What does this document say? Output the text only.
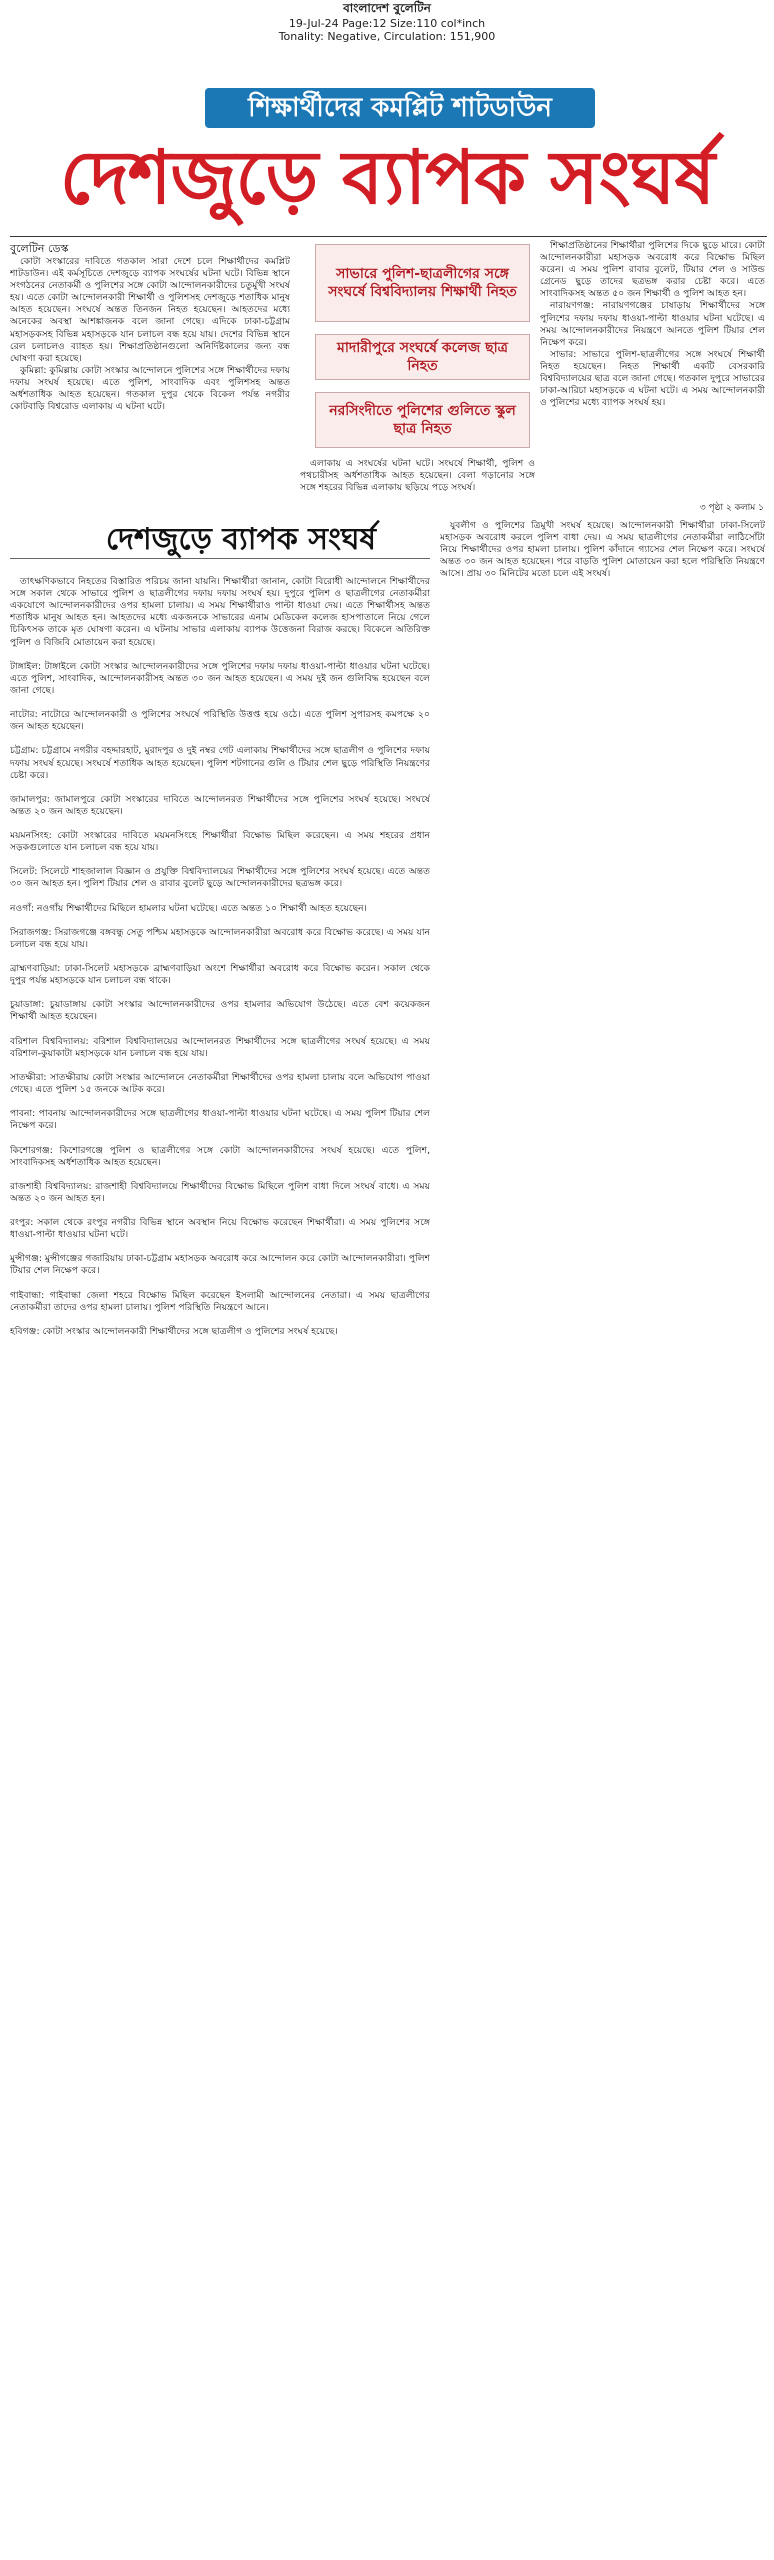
বাংলাদেশ বুলেটিন
19-Jul-24 Page:12 Size:110 col*inch
Tonality: Negative, Circulation: 151,900
শিক্ষার্থীদের কমপ্লিট শাটডাউন
দেশজুড়ে ব্যাপক সংঘর্ষ
বুলেটিন ডেস্ক

কোটা সংস্কারের দাবিতে গতকাল সারা দেশে চলে শিক্ষার্থীদের কমপ্লিট শাটডাউন। এই কর্মসূচিতে দেশজুড়ে ব্যাপক সংঘর্ষের ঘটনা ঘটে। বিভিন্ন স্থানে সংগঠনের নেতাকর্মী ও পুলিশের সঙ্গে কোটা আন্দোলনকারীদের চতুর্মুখী সংঘর্ষ হয়। এতে কোটা আন্দোলনকারী শিক্ষার্থী ও পুলিশসহ দেশজুড়ে শতাধিক মানুষ আহত হয়েছেন। সংঘর্ষে অন্তত তিনজন নিহত হয়েছেন। আহতদের মধ্যে অনেকের অবস্থা আশঙ্কাজনক বলে জানা গেছে। এদিকে ঢাকা-চট্টগ্রাম মহাসড়কসহ বিভিন্ন মহাসড়কে যান চলাচল বন্ধ হয়ে যায়। দেশের বিভিন্ন স্থানে রেল চলাচলও ব্যাহত হয়। শিক্ষাপ্রতিষ্ঠানগুলো অনির্দিষ্টকালের জন্য বন্ধ ঘোষণা করা হয়েছে।

কুমিল্লা: কুমিল্লায় কোটা সংস্কার আন্দোলনে পুলিশের সঙ্গে শিক্ষার্থীদের দফায় দফায় সংঘর্ষ হয়েছে। এতে পুলিশ, সাংবাদিক এবং পুলিশসহ অন্তত অর্ধশতাধিক আহত হয়েছেন। গতকাল দুপুর থেকে বিকেল পর্যন্ত নগরীর কোটবাড়ি বিশ্বরোড এলাকায় এ ঘটনা ঘটে।

সাভারে পুলিশ-ছাত্রলীগের সঙ্গে সংঘর্ষে বিশ্ববিদ্যালয় শিক্ষার্থী নিহত
মাদারীপুরে সংঘর্ষে কলেজ ছাত্র নিহত
নরসিংদীতে পুলিশের গুলিতে স্কুল ছাত্র নিহত

এলাকায় এ সংঘর্ষের ঘটনা ঘটে। সংঘর্ষে শিক্ষার্থী, পুলিশ ও পথচারীসহ অর্ধশতাধিক আহত হয়েছেন। বেলা গড়ানোর সঙ্গে সঙ্গে শহরের বিভিন্ন এলাকায় ছড়িয়ে পড়ে সংঘর্ষ।

শিক্ষাপ্রতিষ্ঠানের শিক্ষার্থীরা পুলিশের দিকে ছুড়ে মারে। কোটা আন্দোলনকারীরা মহাসড়ক অবরোধ করে বিক্ষোভ মিছিল করেন। এ সময় পুলিশ রাবার বুলেট, টিয়ার শেল ও সাউন্ড গ্রেনেড ছুড়ে তাদের ছত্রভঙ্গ করার চেষ্টা করে। এতে সাংবাদিকসহ অন্তত ৫০ জন শিক্ষার্থী ও পুলিশ আহত হন।

নারায়ণগঞ্জ: নারায়ণগঞ্জের চাষাড়ায় শিক্ষার্থীদের সঙ্গে পুলিশের দফায় দফায় ধাওয়া-পাল্টা ধাওয়ার ঘটনা ঘটেছে। এ সময় আন্দোলনকারীদের নিয়ন্ত্রণে আনতে পুলিশ টিয়ার শেল নিক্ষেপ করে।

সাভার: সাভারে পুলিশ-ছাত্রলীগের সঙ্গে সংঘর্ষে শিক্ষার্থী নিহত হয়েছেন। নিহত শিক্ষার্থী একটি বেসরকারি বিশ্ববিদ্যালয়ের ছাত্র বলে জানা গেছে। গতকাল দুপুরে সাভারের ঢাকা-আরিচা মহাসড়কে এ ঘটনা ঘটে। এ সময় আন্দোলনকারী ও পুলিশের মধ্যে ব্যাপক সংঘর্ষ হয়।

৩ পৃষ্ঠা ২ কলাম ১
দেশজুড়ে ব্যাপক সংঘর্ষ

তাৎক্ষণিকভাবে নিহতের বিস্তারিত পরিচয় জানা যায়নি। শিক্ষার্থীরা জানান, কোটা বিরোধী আন্দোলনে শিক্ষার্থীদের সঙ্গে সকাল থেকে সাভারে পুলিশ ও ছাত্রলীগের দফায় দফায় সংঘর্ষ হয়। দুপুরে পুলিশ ও ছাত্রলীগের নেতাকর্মীরা একযোগে আন্দোলনকারীদের ওপর হামলা চালায়। এ সময় শিক্ষার্থীরাও পাল্টা ধাওয়া দেয়। এতে শিক্ষার্থীসহ অন্তত শতাধিক মানুষ আহত হন। আহতদের মধ্যে একজনকে সাভারের এনাম মেডিকেল কলেজ হাসপাতালে নিয়ে গেলে চিকিৎসক তাকে মৃত ঘোষণা করেন। এ ঘটনায় সাভার এলাকায় ব্যাপক উত্তেজনা বিরাজ করছে। বিকেলে অতিরিক্ত পুলিশ ও বিজিবি মোতায়েন করা হয়েছে।

টাঙ্গাইল: টাঙ্গাইলে কোটা সংস্কার আন্দোলনকারীদের সঙ্গে পুলিশের দফায় দফায় ধাওয়া-পাল্টা ধাওয়ার ঘটনা ঘটেছে। এতে পুলিশ, সাংবাদিক, আন্দোলনকারীসহ অন্তত ৩০ জন আহত হয়েছেন। এ সময় দুই জন গুলিবিদ্ধ হয়েছেন বলে জানা গেছে।

নাটোর: নাটোরে আন্দোলনকারী ও পুলিশের সংঘর্ষে পরিস্থিতি উত্তপ্ত হয়ে ওঠে। এতে পুলিশ সুপারসহ কমপক্ষে ২০ জন আহত হয়েছেন।

চট্টগ্রাম: চট্টগ্রামে নগরীর বহদ্দারহাট, মুরাদপুর ও দুই নম্বর গেট এলাকায় শিক্ষার্থীদের সঙ্গে ছাত্রলীগ ও পুলিশের দফায় দফায় সংঘর্ষ হয়েছে। সংঘর্ষে শতাধিক আহত হয়েছেন। পুলিশ শটগানের গুলি ও টিয়ার শেল ছুড়ে পরিস্থিতি নিয়ন্ত্রণের চেষ্টা করে।

জামালপুর: জামালপুরে কোটা সংস্কারের দাবিতে আন্দোলনরত শিক্ষার্থীদের সঙ্গে পুলিশের সংঘর্ষ হয়েছে। সংঘর্ষে অন্তত ২০ জন আহত হয়েছেন।

ময়মনসিংহ: কোটা সংস্কারের দাবিতে ময়মনসিংহে শিক্ষার্থীরা বিক্ষোভ মিছিল করেছেন। এ সময় শহরের প্রধান সড়কগুলোতে যান চলাচল বন্ধ হয়ে যায়।

সিলেট: সিলেটে শাহজালাল বিজ্ঞান ও প্রযুক্তি বিশ্ববিদ্যালয়ের শিক্ষার্থীদের সঙ্গে পুলিশের সংঘর্ষ হয়েছে। এতে অন্তত ৩০ জন আহত হন। পুলিশ টিয়ার শেল ও রাবার বুলেট ছুড়ে আন্দোলনকারীদের ছত্রভঙ্গ করে।

নওগাঁ: নওগাঁয় শিক্ষার্থীদের মিছিলে হামলার ঘটনা ঘটেছে। এতে অন্তত ১০ শিক্ষার্থী আহত হয়েছেন।

সিরাজগঞ্জ: সিরাজগঞ্জে বঙ্গবন্ধু সেতু পশ্চিম মহাসড়কে আন্দোলনকারীরা অবরোধ করে বিক্ষোভ করেছে। এ সময় যান চলাচল বন্ধ হয়ে যায়।

ব্রাহ্মণবাড়িয়া: ঢাকা-সিলেট মহাসড়কে ব্রাহ্মণবাড়িয়া অংশে শিক্ষার্থীরা অবরোধ করে বিক্ষোভ করেন। সকাল থেকে দুপুর পর্যন্ত মহাসড়কে যান চলাচল বন্ধ থাকে।

চুয়াডাঙ্গা: চুয়াডাঙ্গায় কোটা সংস্কার আন্দোলনকারীদের ওপর হামলার অভিযোগ উঠেছে। এতে বেশ কয়েকজন শিক্ষার্থী আহত হয়েছেন।

বরিশাল বিশ্ববিদ্যালয়: বরিশাল বিশ্ববিদ্যালয়ের আন্দোলনরত শিক্ষার্থীদের সঙ্গে ছাত্রলীগের সংঘর্ষ হয়েছে। এ সময় বরিশাল-কুয়াকাটা মহাসড়কে যান চলাচল বন্ধ হয়ে যায়।

সাতক্ষীরা: সাতক্ষীরায় কোটা সংস্কার আন্দোলনে নেতাকর্মীরা শিক্ষার্থীদের ওপর হামলা চালায় বলে অভিযোগ পাওয়া গেছে। এতে পুলিশ ১৫ জনকে আটক করে।

পাবনা: পাবনায় আন্দোলনকারীদের সঙ্গে ছাত্রলীগের ধাওয়া-পাল্টা ধাওয়ার ঘটনা ঘটেছে। এ সময় পুলিশ টিয়ার শেল নিক্ষেপ করে।

কিশোরগঞ্জ: কিশোরগঞ্জে পুলিশ ও ছাত্রলীগের সঙ্গে কোটা আন্দোলনকারীদের সংঘর্ষ হয়েছে। এতে পুলিশ, সাংবাদিকসহ অর্ধশতাধিক আহত হয়েছেন।

রাজশাহী বিশ্ববিদ্যালয়: রাজশাহী বিশ্ববিদ্যালয়ে শিক্ষার্থীদের বিক্ষোভ মিছিলে পুলিশ বাধা দিলে সংঘর্ষ বাধে। এ সময় অন্তত ২০ জন আহত হন।

রংপুর: সকাল থেকে রংপুর নগরীর বিভিন্ন স্থানে অবস্থান নিয়ে বিক্ষোভ করেছেন শিক্ষার্থীরা। এ সময় পুলিশের সঙ্গে ধাওয়া-পাল্টা ধাওয়ার ঘটনা ঘটে।

মুন্সীগঞ্জ: মুন্সীগঞ্জের গজারিয়ায় ঢাকা-চট্টগ্রাম মহাসড়ক অবরোধ করে আন্দোলন করে কোটা আন্দোলনকারীরা। পুলিশ টিয়ার শেল নিক্ষেপ করে।

গাইবান্ধা: গাইবান্ধা জেলা শহরে বিক্ষোভ মিছিল করেছেন ইসলামী আন্দোলনের নেতারা। এ সময় ছাত্রলীগের নেতাকর্মীরা তাদের ওপর হামলা চালায়। পুলিশ পরিস্থিতি নিয়ন্ত্রণে আনে।

হবিগঞ্জ: কোটা সংস্কার আন্দোলনকারী শিক্ষার্থীদের সঙ্গে ছাত্রলীগ ও পুলিশের সংঘর্ষ হয়েছে।

যুবলীগ ও পুলিশের ত্রিমুখী সংঘর্ষ হয়েছে। আন্দোলনকারী শিক্ষার্থীরা ঢাকা-সিলেট মহাসড়ক অবরোধ করলে পুলিশ বাধা দেয়। এ সময় ছাত্রলীগের নেতাকর্মীরা লাঠিসোঁটা নিয়ে শিক্ষার্থীদের ওপর হামলা চালায়। পুলিশ কাঁদানে গ্যাসের শেল নিক্ষেপ করে। সংঘর্ষে অন্তত ৩০ জন আহত হয়েছেন। পরে বাড়তি পুলিশ মোতায়েন করা হলে পরিস্থিতি নিয়ন্ত্রণে আসে। প্রায় ৩০ মিনিটের মতো চলে এই সংঘর্ষ।
